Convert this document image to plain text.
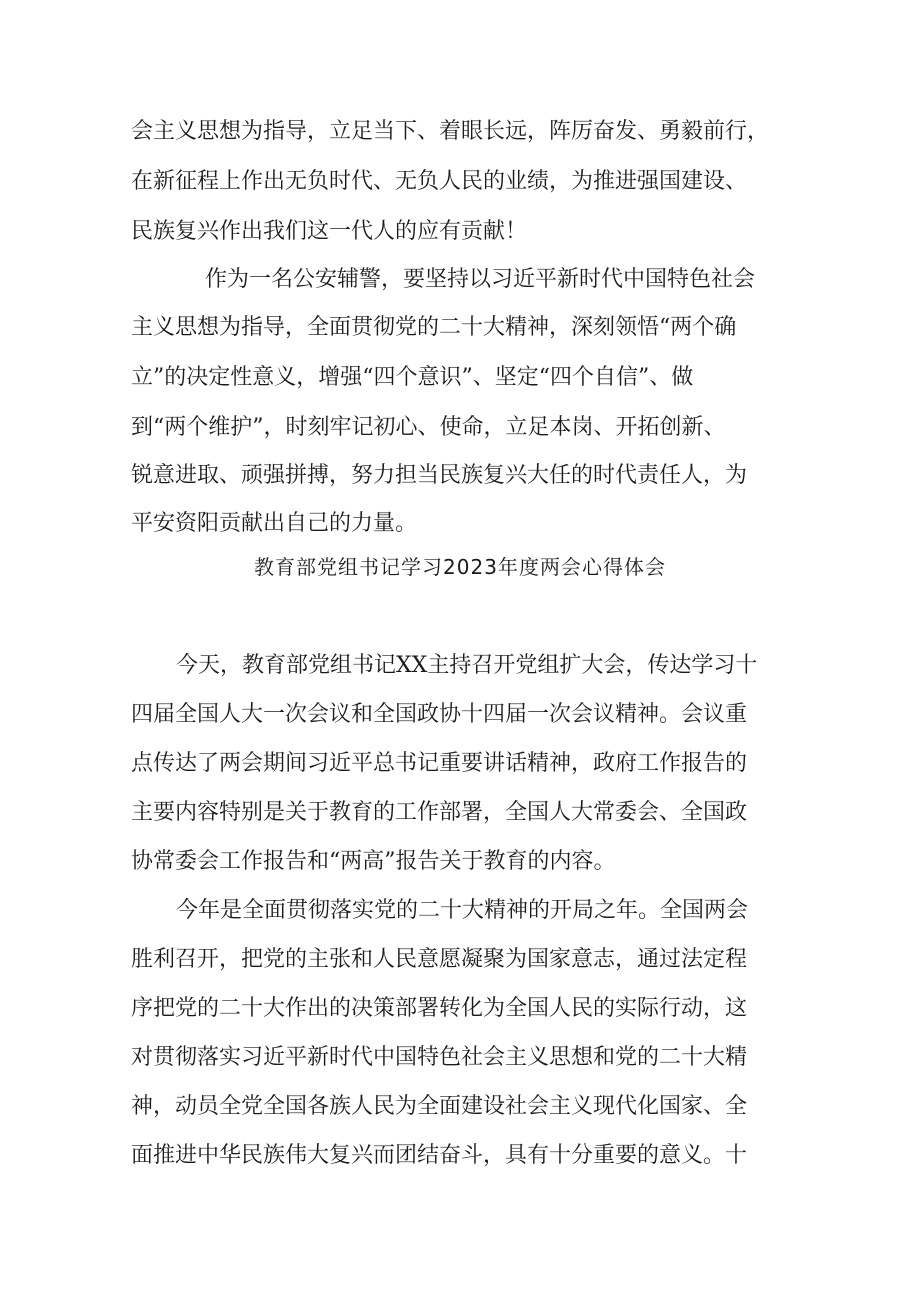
会主义思想为指导，立足当下、着眼长远，阵厉奋发、勇毅前行，
在新征程上作出无负时代、无负人民的业绩，为推进强国建设、
民族复兴作出我们这一代人的应有贡献！
作为一名公安辅警，要坚持以习近平新时代中国特色社会
主义思想为指导，全面贯彻党的二十大精神，深刻领悟“两个确
立”的决定性意义，增强“四个意识”、坚定“四个自信”、做
到“两个维护”，时刻牢记初心、使命，立足本岗、开拓创新、
锐意进取、顽强拼搏，努力担当民族复兴大任的时代责任人，为
平安资阳贡献出自己的力量。
教育部党组书记学习2023年度两会心得体会
今天，教育部党组书记XX主持召开党组扩大会，传达学习十
四届全国人大一次会议和全国政协十四届一次会议精神。会议重
点传达了两会期间习近平总书记重要讲话精神，政府工作报告的
主要内容特别是关于教育的工作部署，全国人大常委会、全国政
协常委会工作报告和“两高”报告关于教育的内容。
今年是全面贯彻落实党的二十大精神的开局之年。全国两会
胜利召开，把党的主张和人民意愿凝聚为国家意志，通过法定程
序把党的二十大作出的决策部署转化为全国人民的实际行动，这
对贯彻落实习近平新时代中国特色社会主义思想和党的二十大精
神，动员全党全国各族人民为全面建设社会主义现代化国家、全
面推进中华民族伟大复兴而团结奋斗，具有十分重要的意义。十
